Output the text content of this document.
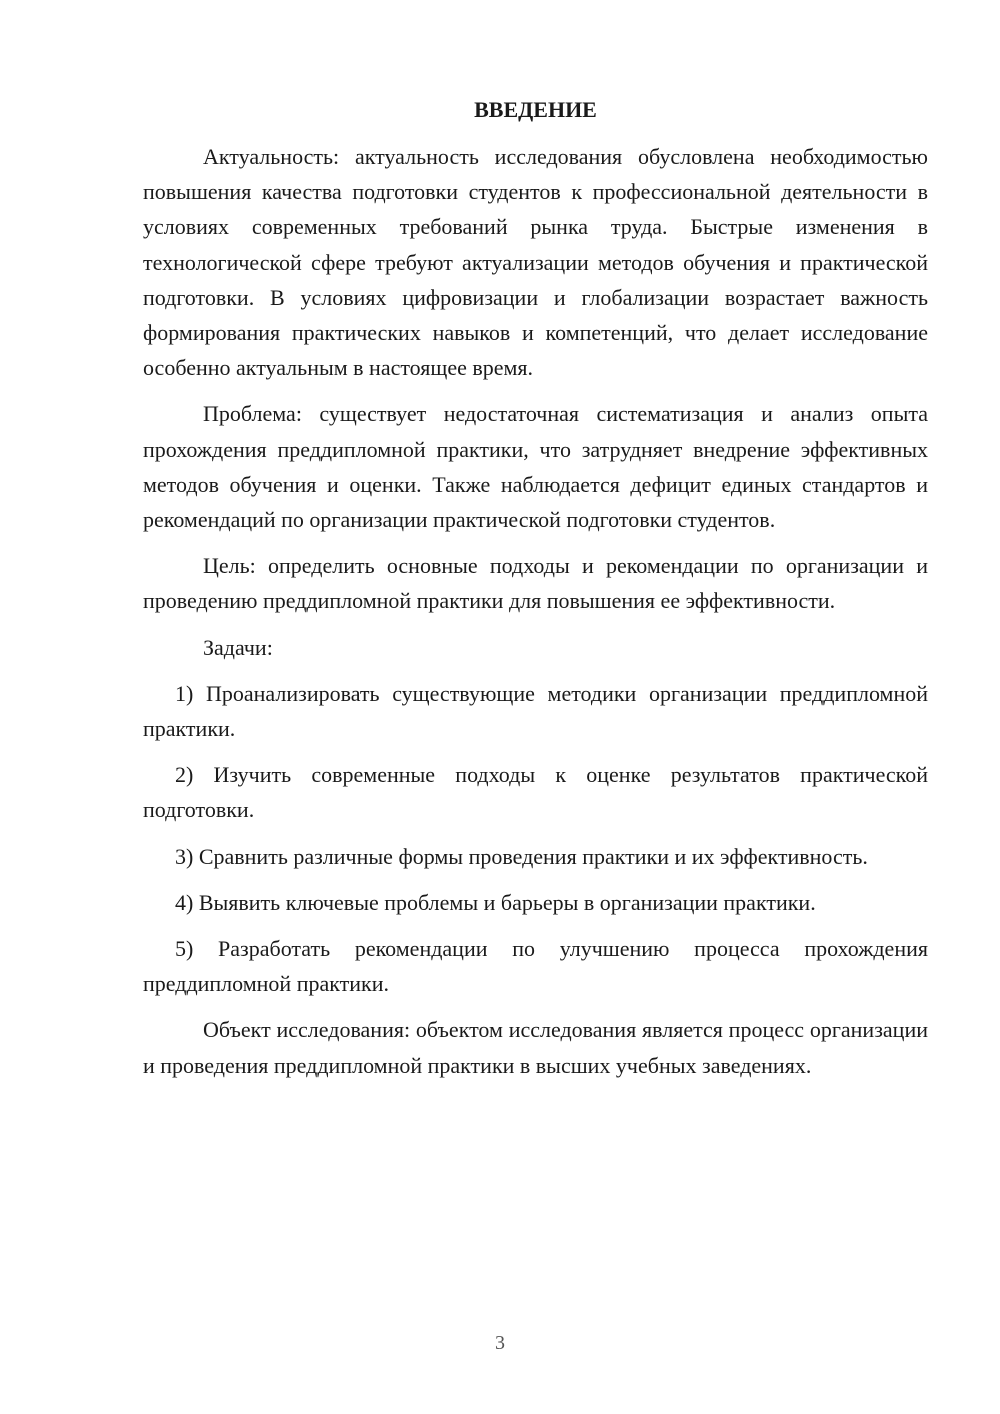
ВВЕДЕНИЕ

Актуальность: актуальность исследования обусловлена необходимостью повышения качества подготовки студентов к профессиональной деятельности в условиях современных требований рынка труда. Быстрые изменения в технологической сфере требуют актуализации методов обучения и практической подготовки. В условиях цифровизации и глобализации возрастает важность формирования практических навыков и компетенций, что делает исследование особенно актуальным в настоящее время.

Проблема: существует недостаточная систематизация и анализ опыта прохождения преддипломной практики, что затрудняет внедрение эффективных методов обучения и оценки. Также наблюдается дефицит единых стандартов и рекомендаций по организации практической подготовки студентов.

Цель: определить основные подходы и рекомендации по организации и проведению преддипломной практики для повышения ее эффективности.

Задачи:

1) Проанализировать существующие методики организации преддипломной практики.

2) Изучить современные подходы к оценке результатов практической подготовки.

3) Сравнить различные формы проведения практики и их эффективность.

4) Выявить ключевые проблемы и барьеры в организации практики.

5) Разработать рекомендации по улучшению процесса прохождения преддипломной практики.

Объект исследования: объектом исследования является процесс организации и проведения преддипломной практики в высших учебных заведениях.

3
